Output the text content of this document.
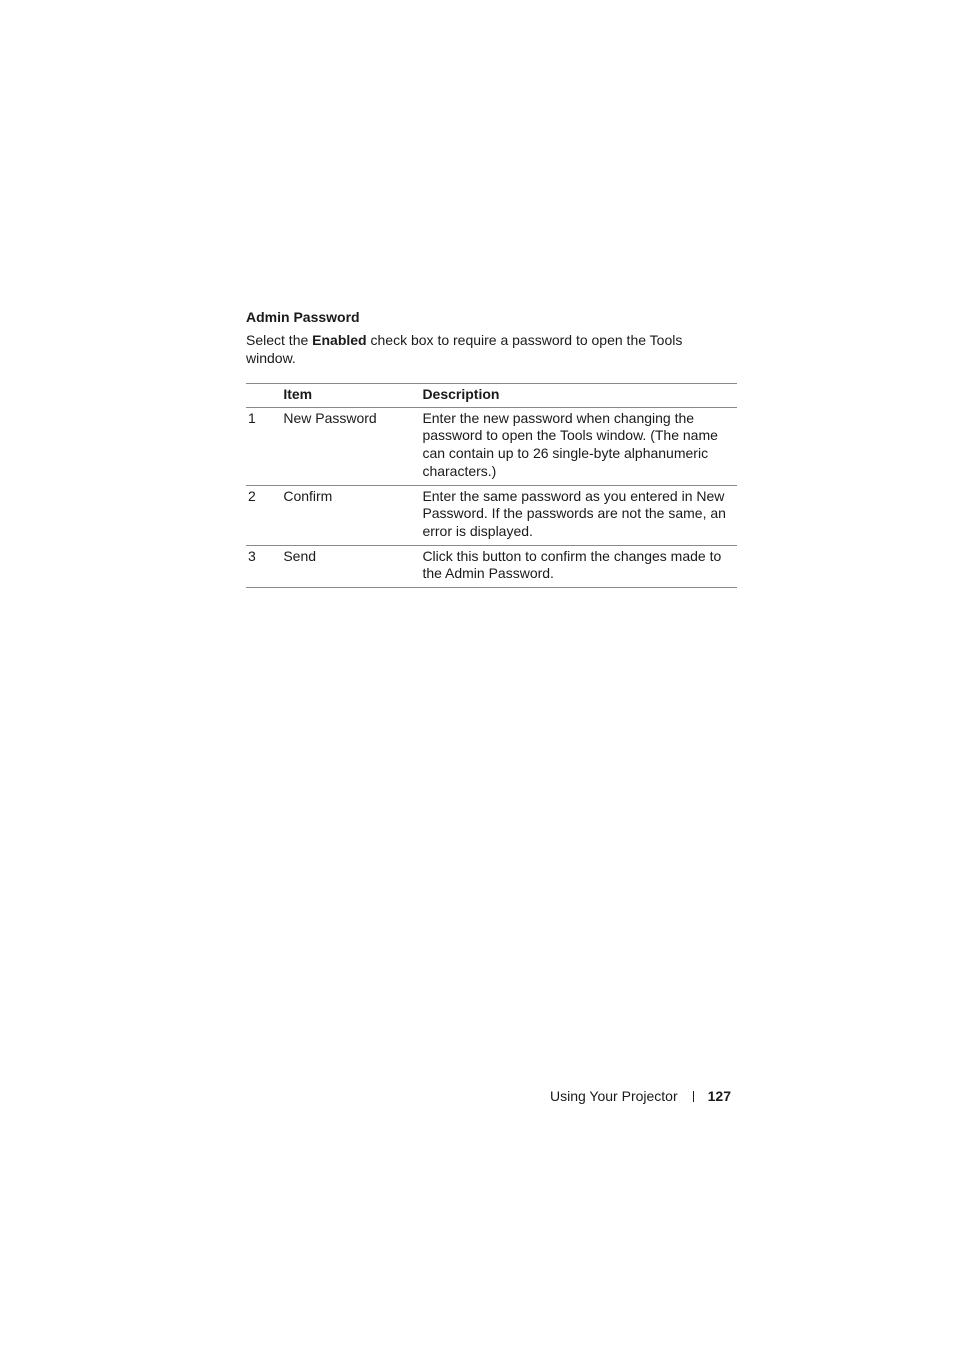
Admin Password

Select the Enabled check box to require a password to open the Tools window.

	Item	Description
1	New Password	Enter the new password when changing the password to open the Tools window. (The name can contain up to 26 single-byte alphanumeric characters.)
2	Confirm	Enter the same password as you entered in New Password. If the passwords are not the same, an error is displayed.
3	Send	Click this button to confirm the changes made to the Admin Password.
Using Your Projector 127
